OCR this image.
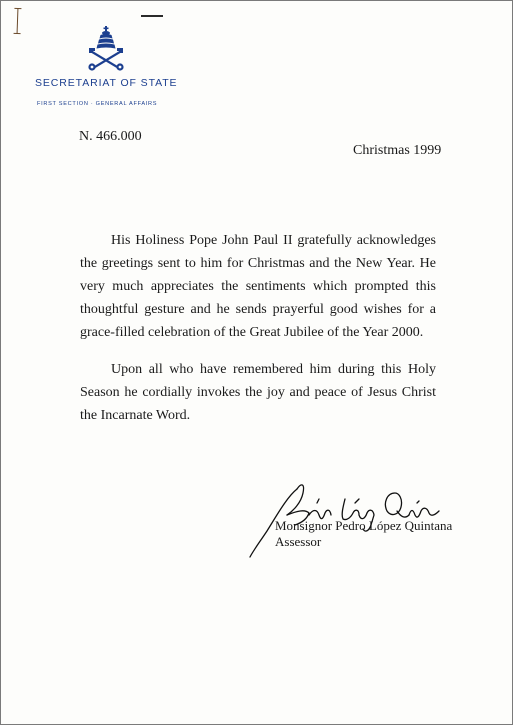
SECRETARIAT OF STATE
FIRST SECTION · GENERAL AFFAIRS
N. 466.000
Christmas 1999

His Holiness Pope John Paul II gratefully acknowledges the greetings sent to him for Christmas and the New Year. He very much appreciates the sentiments which prompted this thoughtful gesture and he sends prayerful good wishes for a grace-filled celebration of the Great Jubilee of the Year 2000.

Upon all who have remembered him during this Holy Season he cordially invokes the joy and peace of Jesus Christ the Incarnate Word.

Monsignor Pedro López Quintana
Assessor
